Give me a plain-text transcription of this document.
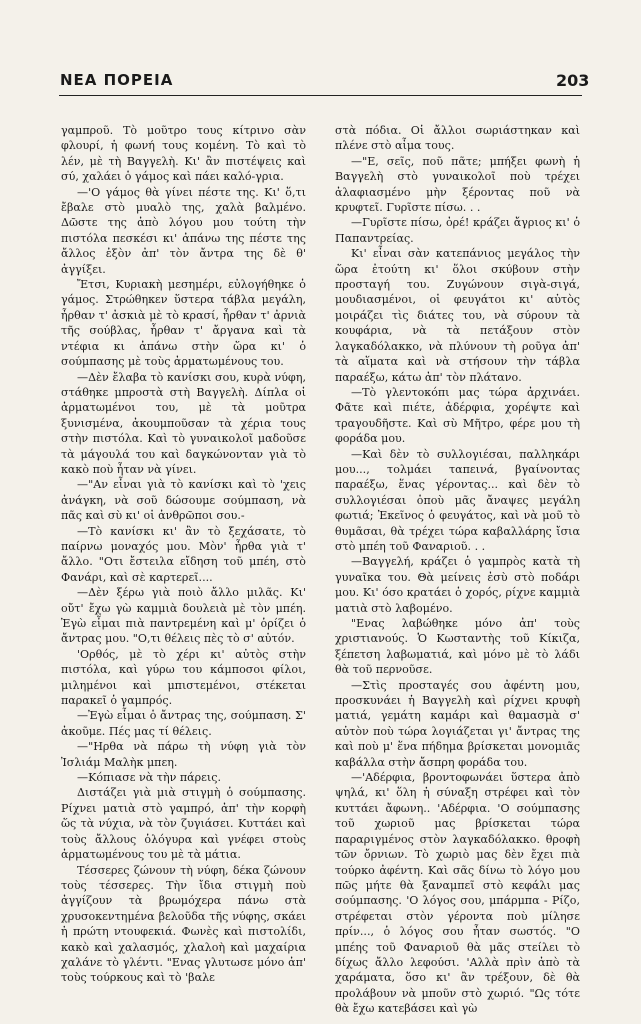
ΝΕΑ ΠΟΡΕΙΑ	203

γαμπροῦ. Τὸ μοῦτρο τους κίτρινο σὰν φλουρί, ἡ φωνή τους κομένη. Τὸ καὶ τὸ λέν, μὲ τὴ Βαγγελὴ. Κι' ἂν πιστέψεις καὶ σύ, χαλάει ὁ γάμος καὶ πάει καλό-γρια.

—'Ο γάμος θὰ γίνει πέστε της. Κι' ὅ,τι ἔβαλε στὸ μυαλὸ της, χαλὰ βαλμένο. Δῶστε της ἀπὸ λόγου μου τούτη τὴν πιστόλα πεσκέσι κι' ἀπάνω της πέστε της ἄλλος ἐξὸν ἀπ' τὸν ἄντρα της δὲ θ' ἀγγίξει.

Ἔτσι, Κυριακὴ μεσημέρι, εὐλογήθηκε ὁ γάμος. Στρώθηκεν ὕστερα τάβλα μεγάλη, ἦρθαν τ' ἀσκιὰ μὲ τὸ κρασί, ἦρθαν τ' ἀρνιὰ τῆς σούβλας, ἦρθαν τ' ἄργανα καὶ τὰ ντέφια κι ἀπάνω στὴν ὥρα κι' ὁ σούμπασης μὲ τοὺς ἀρματωμένους του.

—Δὲν ἔλαβα τὸ κανίσκι σου, κυρὰ νύφη, στάθηκε μπροστὰ στὴ Βαγγελὴ. Δίπλα οἱ ἀρματωμένοι του, μὲ τὰ μοῦτρα ξυνισμένα, ἀκουμποῦσαν τὰ χέρια τους στὴν πιστόλα. Καὶ τὸ γυναικολοῖ μαδοῦσε τὰ μάγουλά του καὶ δαγκώνονταν γιὰ τὸ κακὸ ποὺ ἦταν νὰ γίνει.

—"Αν εἶναι γιὰ τὸ κανίσκι καὶ τὸ 'χεις ἀνάγκη, νὰ σοῦ δώσουμε σούμπαση, νὰ πᾶς καὶ σὺ κι' οἱ ἀνθρῶποι σου.-

—Τὸ κανίσκι κι' ἂν τὸ ξεχάσατε, τὸ παίρνω μοναχός μου. Μὸν' ἦρθα γιὰ τ' ἄλλο. "Οτι ἔστειλα εἴδηση τοῦ μπέη, στὸ Φανάρι, καὶ σὲ καρτερεῖ....

—Δὲν ξέρω γιὰ ποιὸ ἄλλο μιλᾶς. Κι' οὔτ' ἔχω γὼ καμμιὰ δουλειὰ μὲ τὸν μπέη. Ἐγὼ εἶμαι πιὰ παντρεμένη καὶ μ' ὁρίζει ὁ ἄντρας μου. "Ο,τι θέλεις πὲς τὸ σ' αὐτόν.

'Ορθός, μὲ τὸ χέρι κι' αὐτὸς στὴν πιστόλα, καὶ γύρω του κάμποσοι φίλοι, μιλημένοι καὶ μπιστεμένοι, στέκεται παρακεῖ ὁ γαμπρός.

—Ἐγὼ εἶμαι ὁ ἄντρας της, σούμπαση. Σ' ἀκοῦμε. Πές μας τί θέλεις.

—"Ηρθα νὰ πάρω τὴ νύφη γιὰ τὸν Ἰσλιάμ Μαλὴκ μπεη.

—Κόπιασε νὰ τὴν πάρεις.

Διστάζει γιὰ μιὰ στιγμὴ ὁ σούμπασης. Ρίχνει ματιὰ στὸ γαμπρό, ἀπ' τὴν κορφὴ ὥς τὰ νύχια, νὰ τὸν ζυγιάσει. Κυττάει καὶ τοὺς ἄλλους ὁλόγυρα καὶ γνέφει στοὺς ἀρματωμένους του μὲ τὰ μάτια.

Τέσσερες ζώνουν τὴ νύφη, δέκα ζώνουν τοὺς τέσσερες. Τὴν ἴδια στιγμὴ ποὺ ἀγγίζουν τὰ βρωμόχερα πάνω στὰ χρυσοκεντημένα βελοῦδα τῆς νύφης, σκάει ἡ πρώτη ντουφεκιά. Φωνὲς καὶ πιστολίδι, κακὸ καὶ χαλασμός, χλαλοὴ καὶ μαχαίρια χαλάνε τὸ γλέντι. "Ενας γλυτωσε μόνο ἀπ' τοὺς τούρκους καὶ τὸ 'βαλε

στὰ πόδια. Οἱ ἄλλοι σωριάστηκαν καὶ πλένε στὸ αἷμα τους.

—"Ε, σεῖς, ποῦ πᾶτε; μπήξει φωνὴ ἡ Βαγγελὴ στὸ γυναικολοῖ ποὺ τρέχει ἀλαφιασμένο μὴν ξέροντας ποῦ νὰ κρυφτεῖ. Γυρῖστε πίσω. . .

—Γυρῖστε πίσω, ὀρέ! κράζει ἄγριος κι' ὁ Παπαντρείας.

Κι' εἶναι σὰν κατεπάνιος μεγάλος τὴν ὥρα ἐτούτη κι' ὅλοι σκύβουν στὴν προσταγή του. Ζυγώνουν σιγὰ-σιγά, μουδιασμένοι, οἱ φευγάτοι κι' αὐτὸς μοιράζει τὶς διάτες του, νὰ σύρουν τὰ κουφάρια, νὰ τὰ πετάξουν στὸν λαγκαδόλακκο, νὰ πλύνουν τὴ ροῦγα ἀπ' τὰ αἵματα καὶ νὰ στήσουν τὴν τάβλα παραέξω, κάτω ἀπ' τὸν πλάτανο.

—Τὸ γλεντοκόπι μας τώρα ἀρχινάει. Φᾶτε καὶ πιέτε, ἀδέρφια, χορέψτε καὶ τραγουδῆστε. Καὶ σὺ Μῆτρο, φέρε μου τὴ φοράδα μου.

—Καὶ δὲν τὸ συλλογιέσαι, παλληκάρι μου..., τολμάει ταπεινά, βγαίνοντας παραέξω, ἕνας γέροντας... καὶ δὲν τὸ συλλογιέσαι ὁποὺ μᾶς ἄναψες μεγάλη φωτιά; Ἐκεῖνος ὁ φευγάτος, καὶ νὰ μοῦ τὸ θυμᾶσαι, θὰ τρέχει τώρα καβαλλάρης ἴσια στὸ μπέη τοῦ Φαναριοῦ. . .

—Βαγγελή, κράζει ὁ γαμπρὸς κατὰ τὴ γυναῖκα του. Θὰ μείνεις ἐσὺ στὸ ποδάρι μου. Κι' όσο κρατάει ὁ χορός, ρίχνε καμμιὰ ματιὰ στὸ λαβομένο.

"Ενας λαβώθηκε μόνο ἀπ' τοὺς χριστιανούς. Ὁ Κωσταντὴς τοῦ Κίκιζα, ξέπετση λαβωματιά, καὶ μόνο μὲ τὸ λάδι θὰ τοῦ περνοῦσε.

—Στὶς προσταγές σου ἀφέντη μου, προσκυνάει ἡ Βαγγελὴ καὶ ρίχνει κρυφὴ ματιά, γεμάτη καμάρι καὶ θαμασμὰ σ' αὐτὸν ποὺ τώρα λογιάζεται γι' ἄντρας της καὶ ποὺ μ' ἕνα πήδημα βρίσκεται μονομιᾶς καβάλλα στὴν ἄσπρη φοράδα του.

—'Αδέρφια, βροντοφωνάει ὕστερα ἀπὸ ψηλά, κι' ὅλη ἡ σύναξη στρέφει καὶ τὸν κυττάει ἄφωνη.. 'Αδέρφια. 'Ο σούμπασης τοῦ χωριοῦ μας βρίσκεται τώρα παραριγμένος στὸν λαγκαδόλακκο. θροφὴ τῶν ὄρνιων. Τὸ χωριὸ μας δὲν ἔχει πιὰ τούρκο ἀφέντη. Καὶ σᾶς δίνω τὸ λόγο μου πῶς μήτε θὰ ξαναμπεῖ στὸ κεφάλι μας σούμπασης. 'Ο λόγος σου, μπάρμπα - Ρίζο, στρέφεται στὸν γέροντα ποὺ μίλησε πρίν..., ὁ λόγος σου ἦταν σωστός. "Ο μπέης τοῦ Φαναριοῦ θὰ μᾶς στείλει τὸ δίχως ἄλλο λεφούσι. 'Αλλὰ πρὶν ἀπὸ τὰ χαράματα, ὅσο κι' ἂν τρέξουν, δὲ θὰ προλάβουν νὰ μποῦν στὸ χωριό. "Ως τότε θὰ ἔχω κατεβάσει καὶ γὼ
